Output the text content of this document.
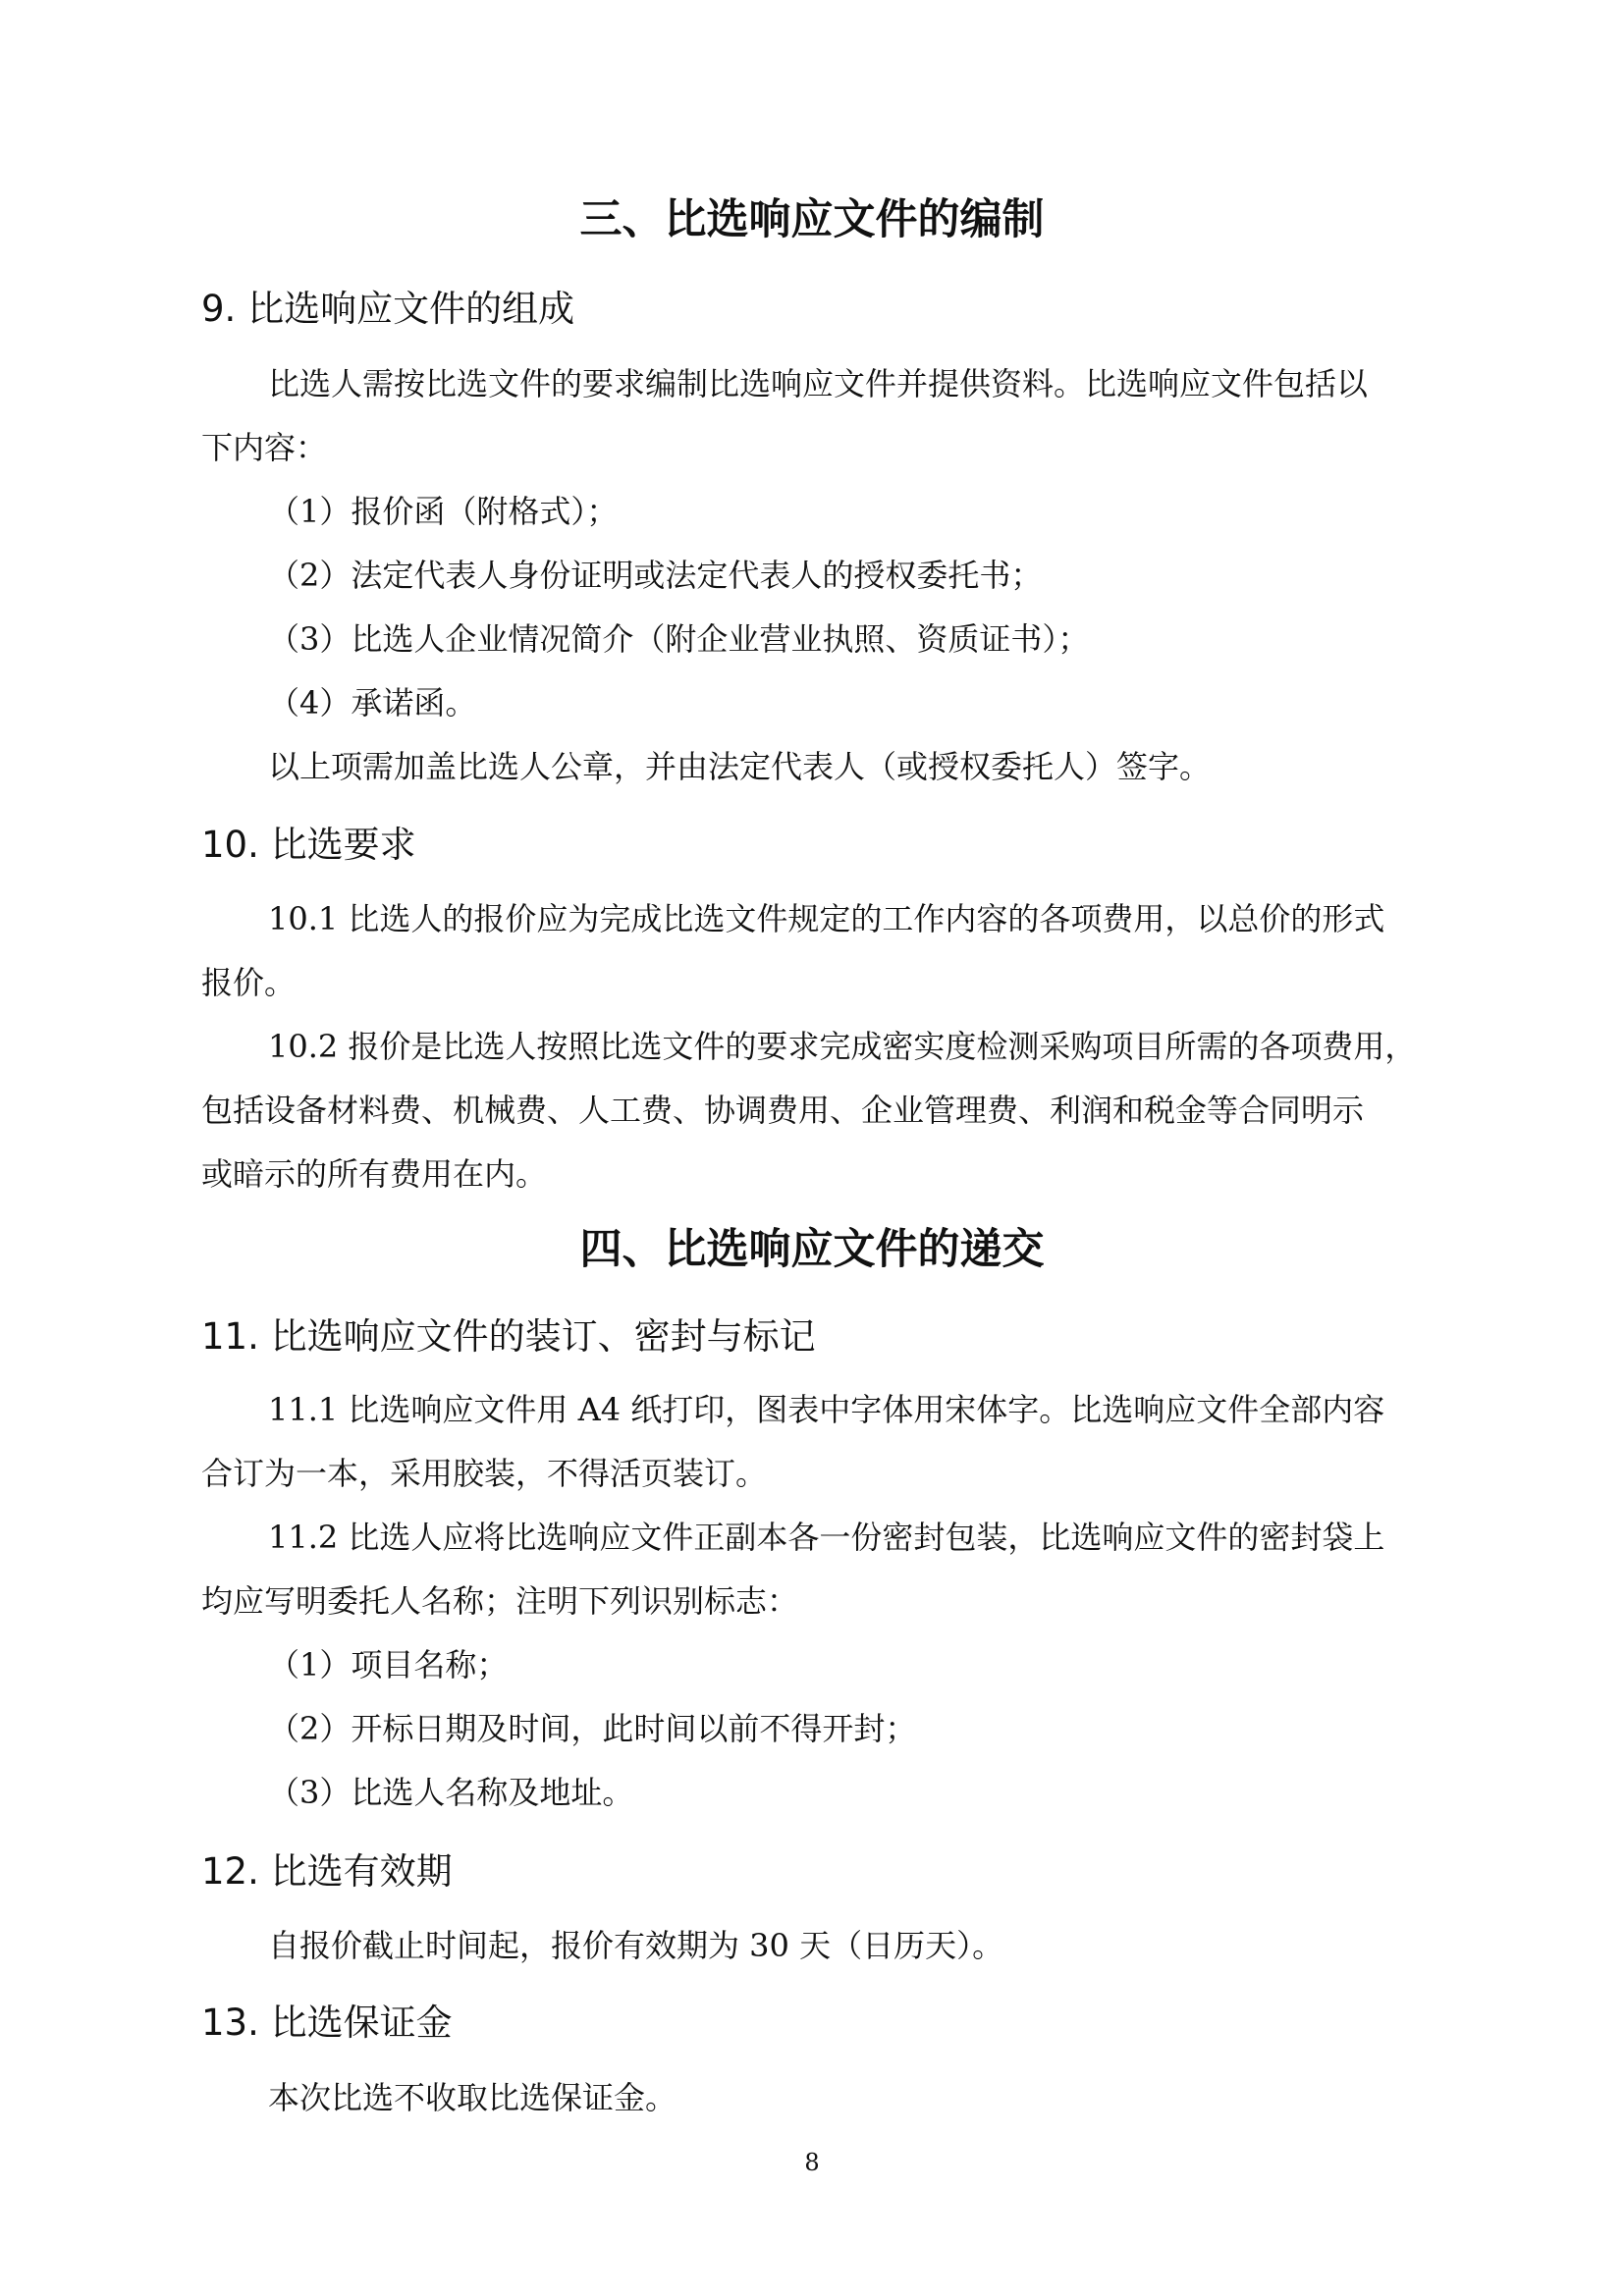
三、比选响应文件的编制
9. 比选响应文件的组成
比选人需按比选文件的要求编制比选响应文件并提供资料。比选响应文件包括以
下内容：
（1）报价函（附格式）；
（2）法定代表人身份证明或法定代表人的授权委托书；
（3）比选人企业情况简介（附企业营业执照、资质证书）；
（4）承诺函。
以上项需加盖比选人公章，并由法定代表人（或授权委托人）签字。
10. 比选要求
10.1 比选人的报价应为完成比选文件规定的工作内容的各项费用，以总价的形式
报价。
10.2 报价是比选人按照比选文件的要求完成密实度检测采购项目所需的各项费用，
包括设备材料费、机械费、人工费、协调费用、企业管理费、利润和税金等合同明示
或暗示的所有费用在内。
四、比选响应文件的递交
11. 比选响应文件的装订、密封与标记
11.1 比选响应文件用 A4 纸打印，图表中字体用宋体字。比选响应文件全部内容
合订为一本，采用胶装，不得活页装订。
11.2 比选人应将比选响应文件正副本各一份密封包装，比选响应文件的密封袋上
均应写明委托人名称；注明下列识别标志：
（1）项目名称；
（2）开标日期及时间，此时间以前不得开封；
（3）比选人名称及地址。
12. 比选有效期
自报价截止时间起，报价有效期为 30 天（日历天）。
13. 比选保证金
本次比选不收取比选保证金。
8
